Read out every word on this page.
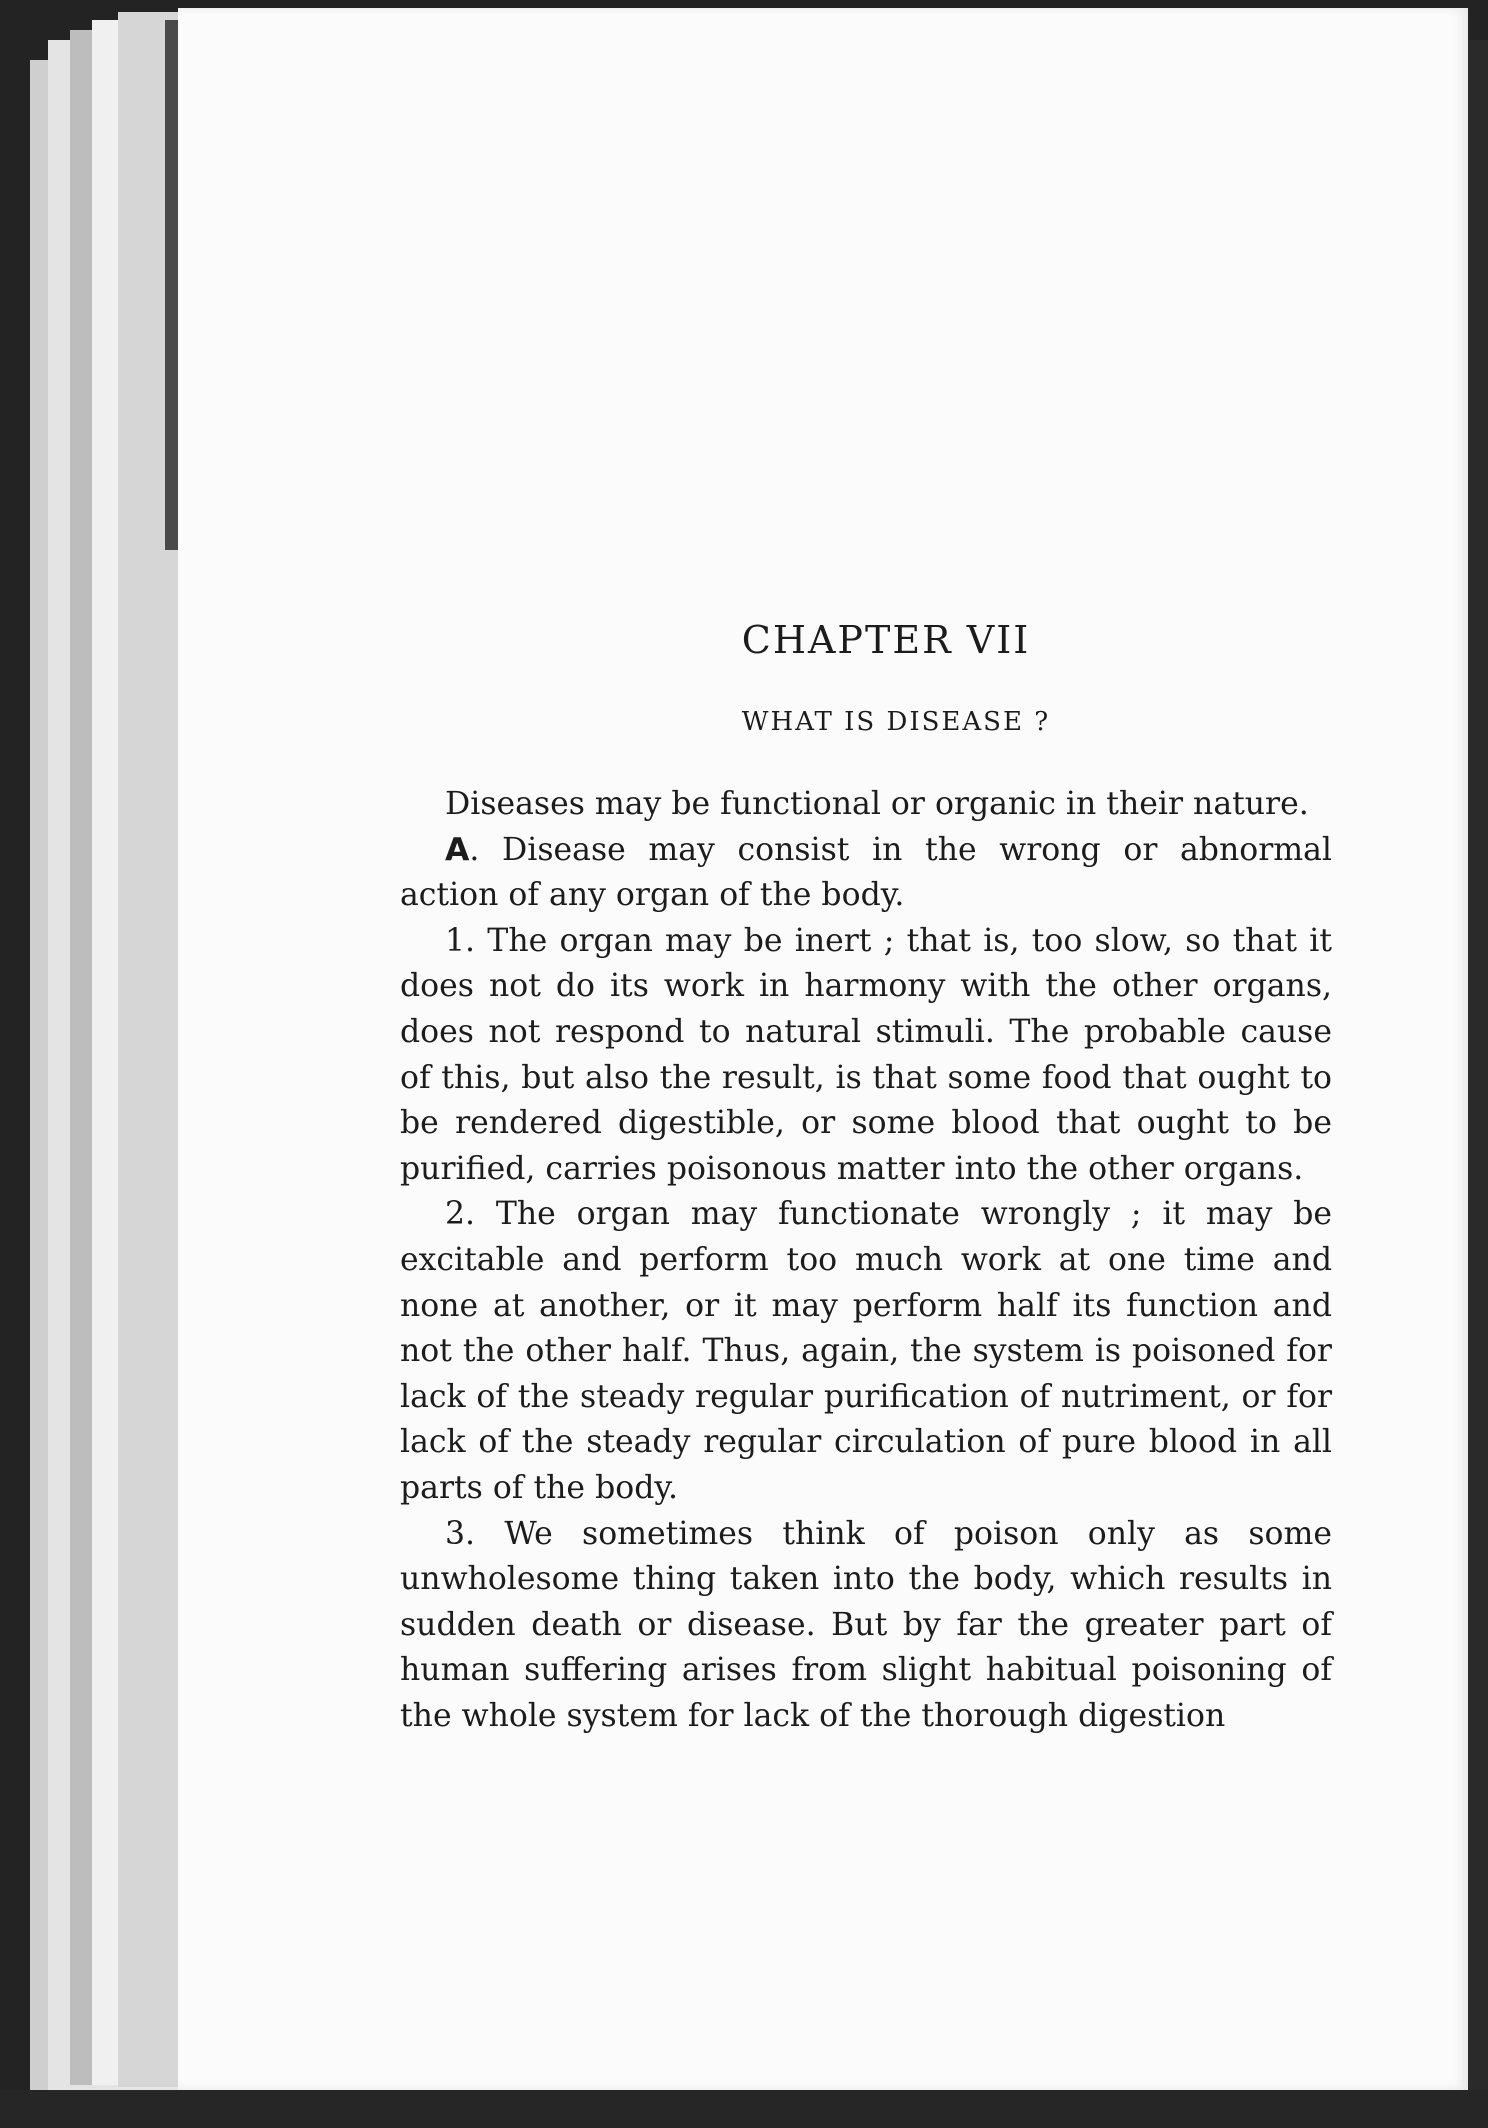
CHAPTER VII
WHAT IS DISEASE ?

Diseases may be functional or organic in their nature.

A. Disease may consist in the wrong or abnormal action of any organ of the body.

1. The organ may be inert ; that is, too slow, so that it does not do its work in harmony with the other organs, does not respond to natural stimuli. The probable cause of this, but also the result, is that some food that ought to be rendered digestible, or some blood that ought to be purified, carries poisonous matter into the other organs.

2. The organ may functionate wrongly ; it may be excitable and perform too much work at one time and none at another, or it may perform half its function and not the other half. Thus, again, the system is poisoned for lack of the steady regular purification of nutriment, or for lack of the steady regular circulation of pure blood in all parts of the body.

3. We sometimes think of poison only as some unwholesome thing taken into the body, which results in sudden death or disease. But by far the greater part of human suffering arises from slight habitual poisoning of the whole system for lack of the thorough digestion
